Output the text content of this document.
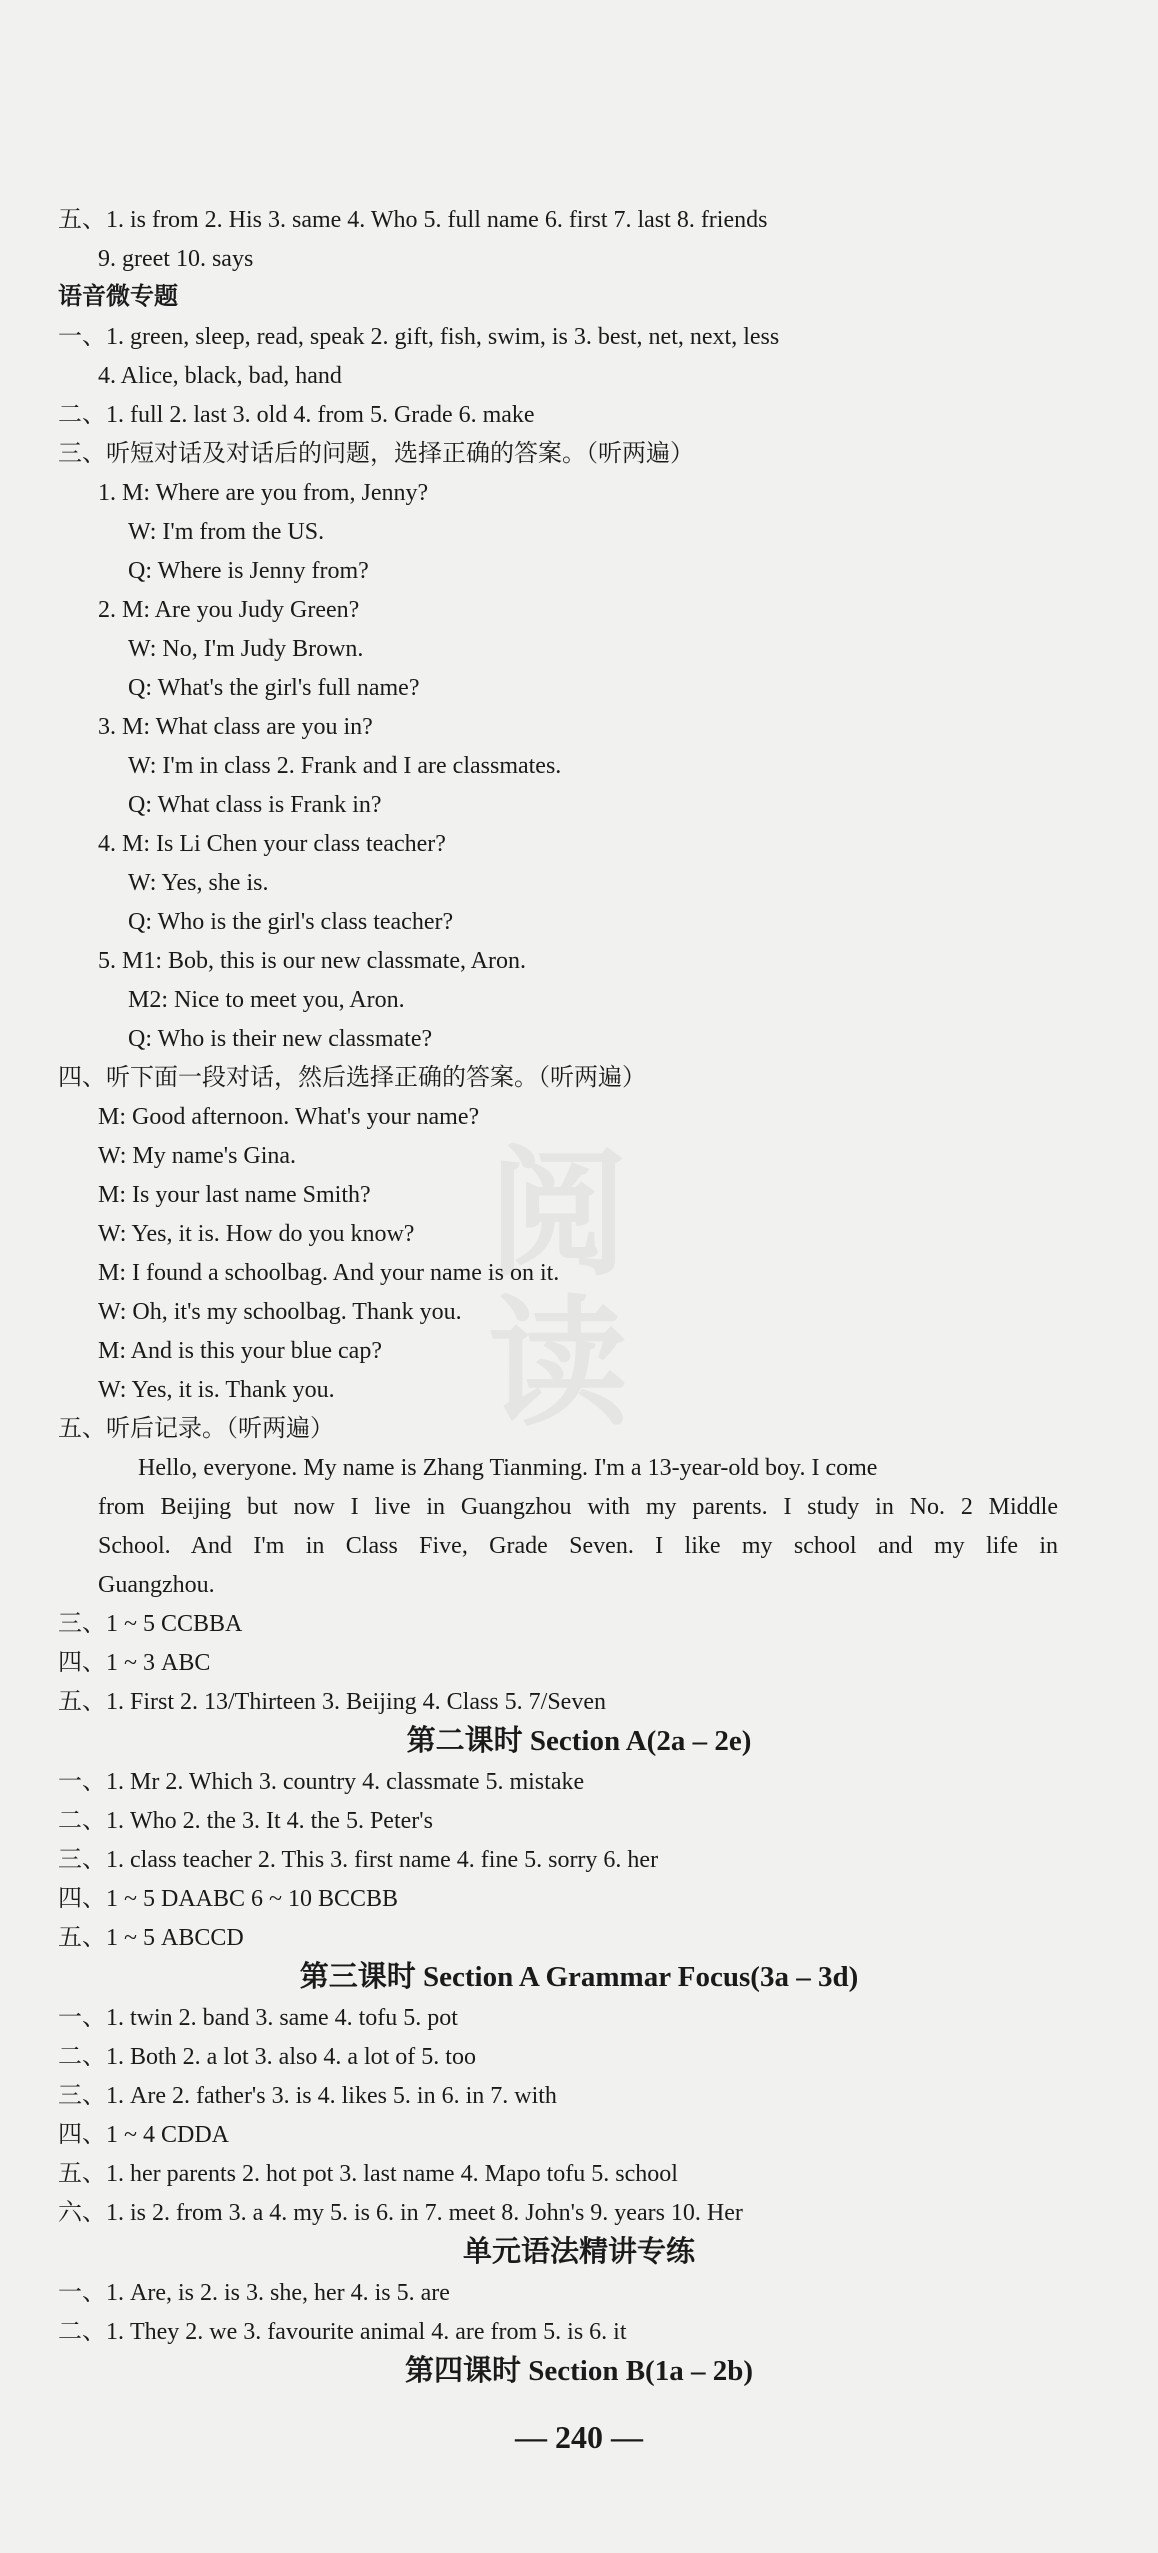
阅
读
五、1. is from 2. His 3. same 4. Who 5. full name 6. first 7. last 8. friends
9. greet 10. says
语音微专题
一、1. green, sleep, read, speak 2. gift, fish, swim, is 3. best, net, next, less
4. Alice, black, bad, hand
二、1. full 2. last 3. old 4. from 5. Grade 6. make
三、听短对话及对话后的问题，选择正确的答案。（听两遍）
1. M: Where are you from, Jenny?
W: I'm from the US.
Q: Where is Jenny from?
2. M: Are you Judy Green?
W: No, I'm Judy Brown.
Q: What's the girl's full name?
3. M: What class are you in?
W: I'm in class 2. Frank and I are classmates.
Q: What class is Frank in?
4. M: Is Li Chen your class teacher?
W: Yes, she is.
Q: Who is the girl's class teacher?
5. M1: Bob, this is our new classmate, Aron.
M2: Nice to meet you, Aron.
Q: Who is their new classmate?
四、听下面一段对话，然后选择正确的答案。（听两遍）
M: Good afternoon. What's your name?
W: My name's Gina.
M: Is your last name Smith?
W: Yes, it is. How do you know?
M: I found a schoolbag. And your name is on it.
W: Oh, it's my schoolbag. Thank you.
M: And is this your blue cap?
W: Yes, it is. Thank you.
五、听后记录。（听两遍）
Hello, everyone. My name is Zhang Tianming. I'm a 13-year-old boy. I come
from Beijing but now I live in Guangzhou with my parents. I study in No. 2 Middle
School. And I'm in Class Five, Grade Seven. I like my school and my life in
Guangzhou.
三、1 ~ 5 CCBBA
四、1 ~ 3 ABC
五、1. First 2. 13/Thirteen 3. Beijing 4. Class 5. 7/Seven
第二课时 Section A(2a – 2e)
一、1. Mr 2. Which 3. country 4. classmate 5. mistake
二、1. Who 2. the 3. It 4. the 5. Peter's
三、1. class teacher 2. This 3. first name 4. fine 5. sorry 6. her
四、1 ~ 5 DAABC 6 ~ 10 BCCBB
五、1 ~ 5 ABCCD
第三课时 Section A Grammar Focus(3a – 3d)
一、1. twin 2. band 3. same 4. tofu 5. pot
二、1. Both 2. a lot 3. also 4. a lot of 5. too
三、1. Are 2. father's 3. is 4. likes 5. in 6. in 7. with
四、1 ~ 4 CDDA
五、1. her parents 2. hot pot 3. last name 4. Mapo tofu 5. school
六、1. is 2. from 3. a 4. my 5. is 6. in 7. meet 8. John's 9. years 10. Her
单元语法精讲专练
一、1. Are, is 2. is 3. she, her 4. is 5. are
二、1. They 2. we 3. favourite animal 4. are from 5. is 6. it
第四课时 Section B(1a – 2b)
— 240 —
